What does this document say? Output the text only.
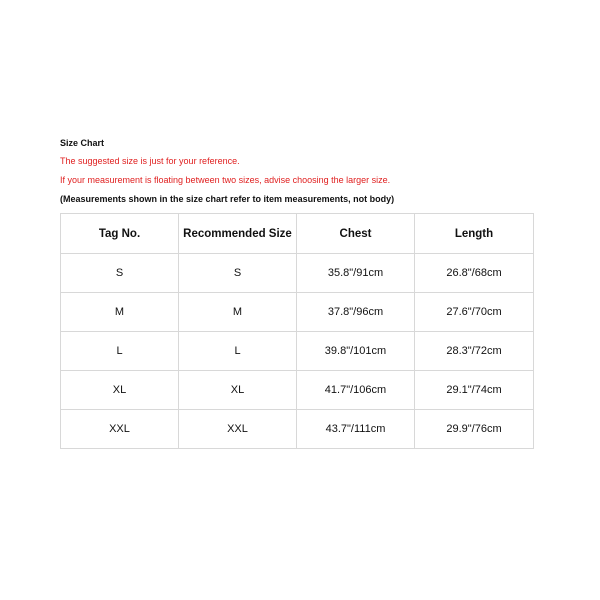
Size Chart
The suggested size is just for your reference.
If your measurement is floating between two sizes, advise choosing the larger size.
(Measurements shown in the size chart refer to item measurements, not body)
Tag No.	Recommended Size	Chest	Length
S	S	35.8"/91cm	26.8"/68cm
M	M	37.8"/96cm	27.6"/70cm
L	L	39.8"/101cm	28.3"/72cm
XL	XL	41.7"/106cm	29.1"/74cm
XXL	XXL	43.7"/111cm	29.9"/76cm
